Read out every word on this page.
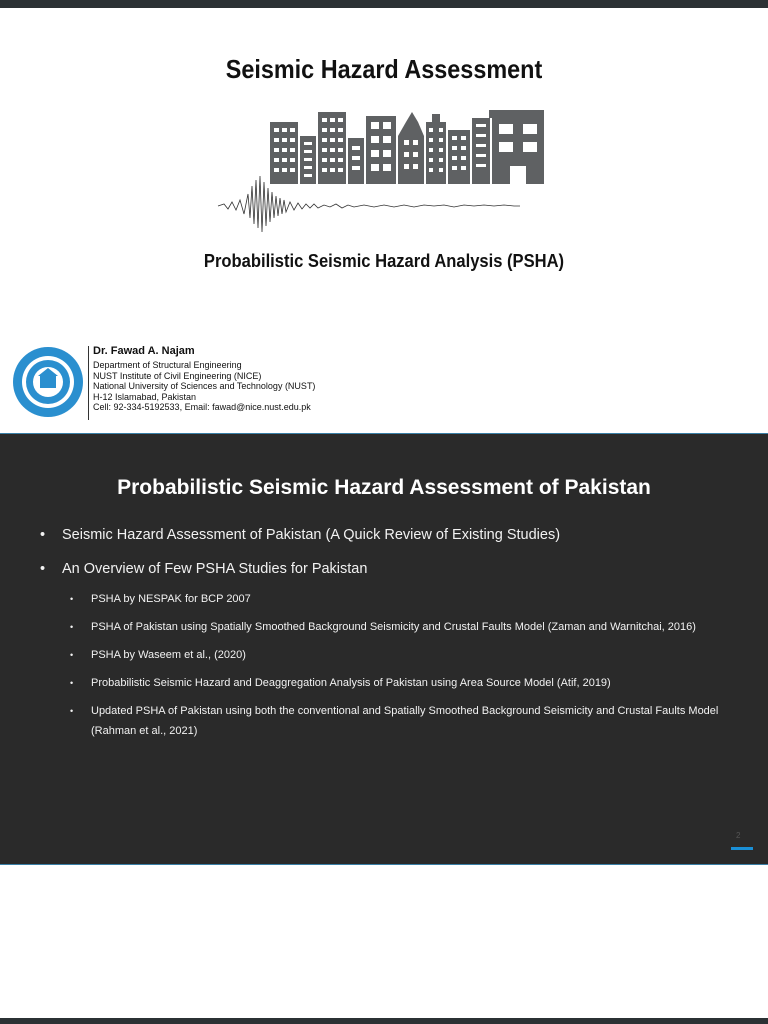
Seismic Hazard Assessment
Probabilistic Seismic Hazard Analysis (PSHA)
Dr. Fawad A. Najam
Department of Structural Engineering
NUST Institute of Civil Engineering (NICE)
National University of Sciences and Technology (NUST)
H-12 Islamabad, Pakistan
Cell: 92-334-5192533, Email: fawad@nice.nust.edu.pk
Probabilistic Seismic Hazard Assessment of Pakistan
• Seismic Hazard Assessment of Pakistan (A Quick Review of Existing Studies)
• An Overview of Few PSHA Studies for Pakistan
• PSHA by NESPAK for BCP 2007
• PSHA of Pakistan using Spatially Smoothed Background Seismicity and Crustal Faults Model (Zaman and Warnitchai, 2016)
• PSHA by Waseem et al., (2020)
• Probabilistic Seismic Hazard and Deaggregation Analysis of Pakistan using Area Source Model (Atif, 2019)
• Updated PSHA of Pakistan using both the conventional and Spatially Smoothed Background Seismicity and Crustal Faults Model (Rahman et al., 2021)
2
